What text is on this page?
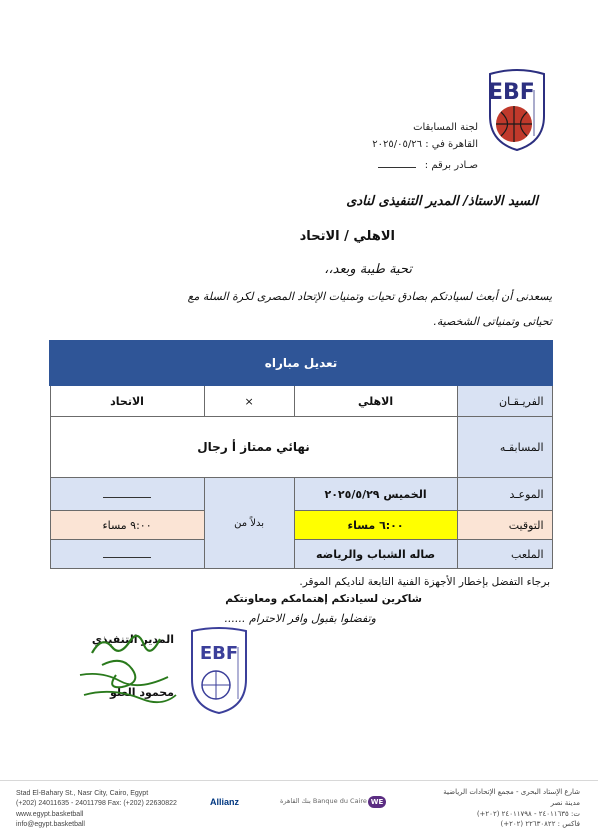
EBF
لجنة المسابقات
القاهرة في : ٢٠٢٥/٠٥/٢٦
صـادر برقم :
السيد الاستاذ/ المدير التنفيذى لنادى
الاهلي / الاتحاد
تحية طيبة وبعد،،
يسعدنى أن أبعث لسيادتكم بصادق تحيات وتمنيات الإتحاد المصرى لكرة السلة مع
تحياتى وتمنياتى الشخصية.
تعديل مباراه			
الفريـقـان	الاهلي	×	الاتحاد
المسابقـه	نهائي ممتاز أ رجال		
الموعـد	الخميس ٢٠٢٥/٥/٢٩	بدلاً من	
التوقيت	٦:٠٠ مساء		٩:٠٠ مساء
الملعب	صاله الشباب والرياضه		
برجاء التفضل بإخطار الأجهزة الفنية التابعة لناديكم الموقر.
شاكرين لسيادتكم إهتمامكم ومعاونتكم
وتفضلوا بقبول وافر الاحترام ......
المدير التنفيذي
محمود العلو
EBF
Stad El-Bahary St., Nasr City, Cairo, Egypt
(+202) 24011635 - 24011798 Fax: (+202) 22630822
www.egypt.basketball
info@egypt.basketball
Allianz	بنك القاهرة Banque du Caire WE
شارع الإستاد البحرى - مجمع الإتحادات الرياضية
مدينة نصر
ت: ٢٤٠١١٦٣٥ - ٢٤٠١١٧٩٨ (٢٠٢+)
فاكس : ٢٢٦٣٠٨٢٢ (٢٠٢+)
